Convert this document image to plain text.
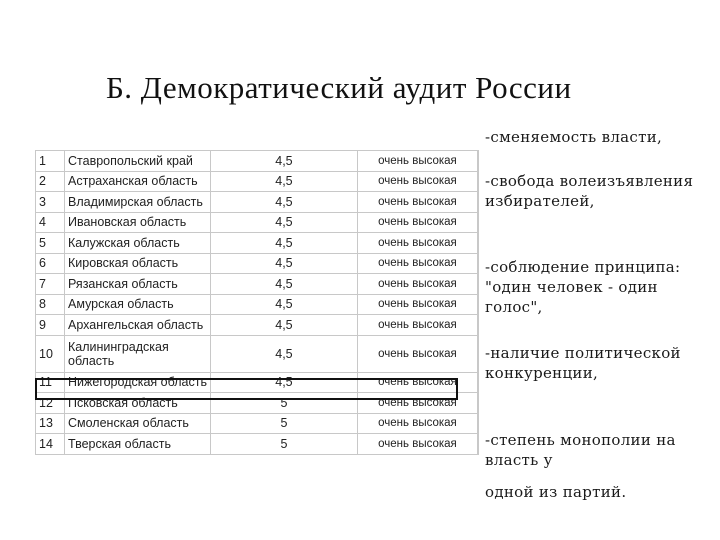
Б. Демократический аудит России
1	Ставропольский край	4,5	очень высокая	
2	Астраханская область	4,5	очень высокая	
3	Владимирская область	4,5	очень высокая	
4	Ивановская область	4,5	очень высокая	
5	Калужская область	4,5	очень высокая	
6	Кировская область	4,5	очень высокая	
7	Рязанская область	4,5	очень высокая	
8	Амурская область	4,5	очень высокая	
9	Архангельская область	4,5	очень высокая	
10	Калининградская область	4,5	очень высокая	
11	Нижегородская область	4,5	очень высокая	
12	Псковская область	5	очень высокая	
13	Смоленская область	5	очень высокая	
14	Тверская область	5	очень высокая	

-сменяемость власти,

-свобода волеизъявления избирателей,

-соблюдение принципа: "один человек - один голос",

-наличие политической конкуренции,

-степень монополии на власть у

одной из партий.
